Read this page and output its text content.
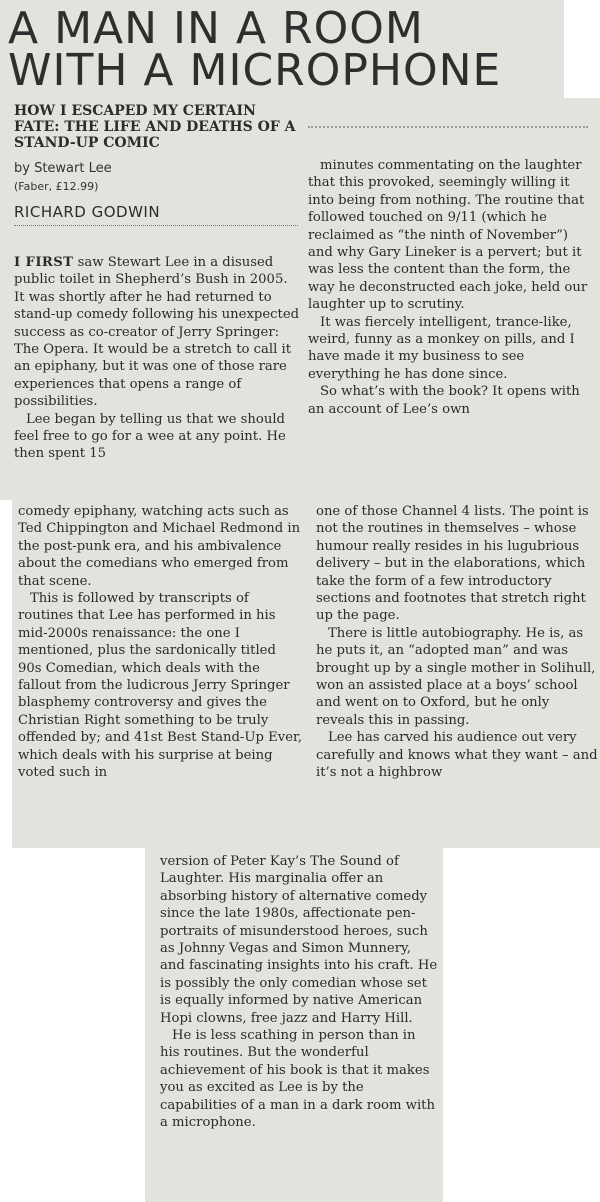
A MAN IN A ROOM
WITH A MICROPHONE
HOW I ESCAPED MY CERTAIN FATE: THE LIFE AND DEATHS OF A STAND-UP COMIC
by Stewart Lee
(Faber, £12.99)
RICHARD GODWIN

I FIRST saw Stewart Lee in a disused public toilet in Shepherd’s Bush in 2005. It was shortly after he had returned to stand-up comedy following his unexpected success as co-creator of Jerry Springer: The Opera. It would be a stretch to call it an epiphany, but it was one of those rare experiences that opens a range of possibilities.

Lee began by telling us that we should feel free to go for a wee at any point. He then spent 15

minutes commentating on the laughter that this provoked, seemingly willing it into being from nothing. The routine that followed touched on 9/11 (which he reclaimed as “the ninth of November”) and why Gary Lineker is a pervert; but it was less the content than the form, the way he deconstructed each joke, held our laughter up to scrutiny.

It was fiercely intelligent, trance-like, weird, funny as a monkey on pills, and I have made it my business to see everything he has done since.

So what’s with the book? It opens with an account of Lee’s own

comedy epiphany, watching acts such as Ted Chippington and Michael Redmond in the post-punk era, and his ambivalence about the comedians who emerged from that scene.

This is followed by transcripts of routines that Lee has performed in his mid-2000s renaissance: the one I mentioned, plus the sardonically titled 90s Comedian, which deals with the fallout from the ludicrous Jerry Springer blasphemy controversy and gives the Christian Right something to be truly offended by; and 41st Best Stand-Up Ever, which deals with his surprise at being voted such in

one of those Channel 4 lists. The point is not the routines in themselves – whose humour really resides in his lugubrious delivery – but in the elaborations, which take the form of a few introductory sections and footnotes that stretch right up the page.

There is little autobiography. He is, as he puts it, an “adopted man” and was brought up by a single mother in Solihull, won an assisted place at a boys’ school and went on to Oxford, but he only reveals this in passing.

Lee has carved his audience out very carefully and knows what they want – and it’s not a highbrow

version of Peter Kay’s The Sound of Laughter. His marginalia offer an absorbing history of alternative comedy since the late 1980s, affectionate pen-portraits of misunderstood heroes, such as Johnny Vegas and Simon Munnery, and fascinating insights into his craft. He is possibly the only comedian whose set is equally informed by native American Hopi clowns, free jazz and Harry Hill.

He is less scathing in person than in his routines. But the wonderful achievement of his book is that it makes you as excited as Lee is by the capabilities of a man in a dark room with a microphone.
